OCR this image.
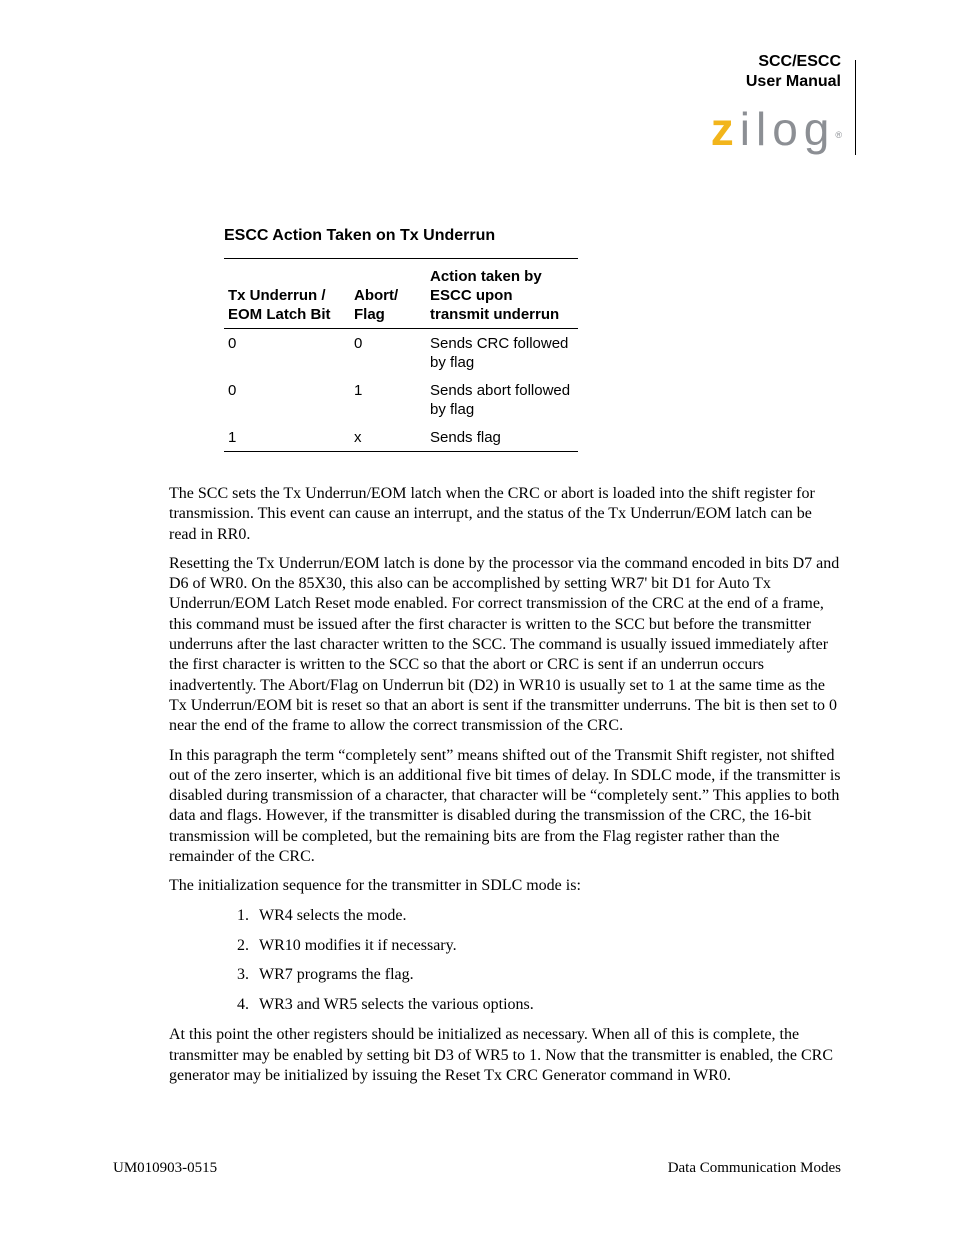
SCC/ESCC
User Manual
zilog®
ESCC Action Taken on Tx Underrun
Tx Underrun / EOM Latch Bit	Abort/ Flag	Action taken by ESCC upon transmit underrun
0	0	Sends CRC followed by flag
0	1	Sends abort followed by flag
1	x	Sends flag

The SCC sets the Tx Underrun/EOM latch when the CRC or abort is loaded into the shift register for transmission. This event can cause an interrupt, and the status of the Tx Underrun/EOM latch can be read in RR0.

Resetting the Tx Underrun/EOM latch is done by the processor via the command encoded in bits D7 and D6 of WR0. On the 85X30, this also can be accomplished by setting WR7' bit D1 for Auto Tx Underrun/EOM Latch Reset mode enabled. For correct transmission of the CRC at the end of a frame, this command must be issued after the first character is written to the SCC but before the transmitter underruns after the last character written to the SCC. The command is usually issued immediately after the first character is written to the SCC so that the abort or CRC is sent if an underrun occurs inadvertently. The Abort/Flag on Underrun bit (D2) in WR10 is usually set to 1 at the same time as the Tx Underrun/EOM bit is reset so that an abort is sent if the transmitter underruns. The bit is then set to 0 near the end of the frame to allow the correct transmission of the CRC.

In this paragraph the term “completely sent” means shifted out of the Transmit Shift register, not shifted out of the zero inserter, which is an additional five bit times of delay. In SDLC mode, if the transmitter is disabled during transmission of a character, that character will be “completely sent.” This applies to both data and flags. However, if the transmitter is disabled during the transmission of the CRC, the 16-bit transmission will be completed, but the remaining bits are from the Flag register rather than the remainder of the CRC.

The initialization sequence for the transmitter in SDLC mode is:

1. WR4 selects the mode.
2. WR10 modifies it if necessary.
3. WR7 programs the flag.
4. WR3 and WR5 selects the various options.

At this point the other registers should be initialized as necessary. When all of this is complete, the transmitter may be enabled by setting bit D3 of WR5 to 1. Now that the transmitter is enabled, the CRC generator may be initialized by issuing the Reset Tx CRC Generator command in WR0.

UM010903-0515	Data Communication Modes
